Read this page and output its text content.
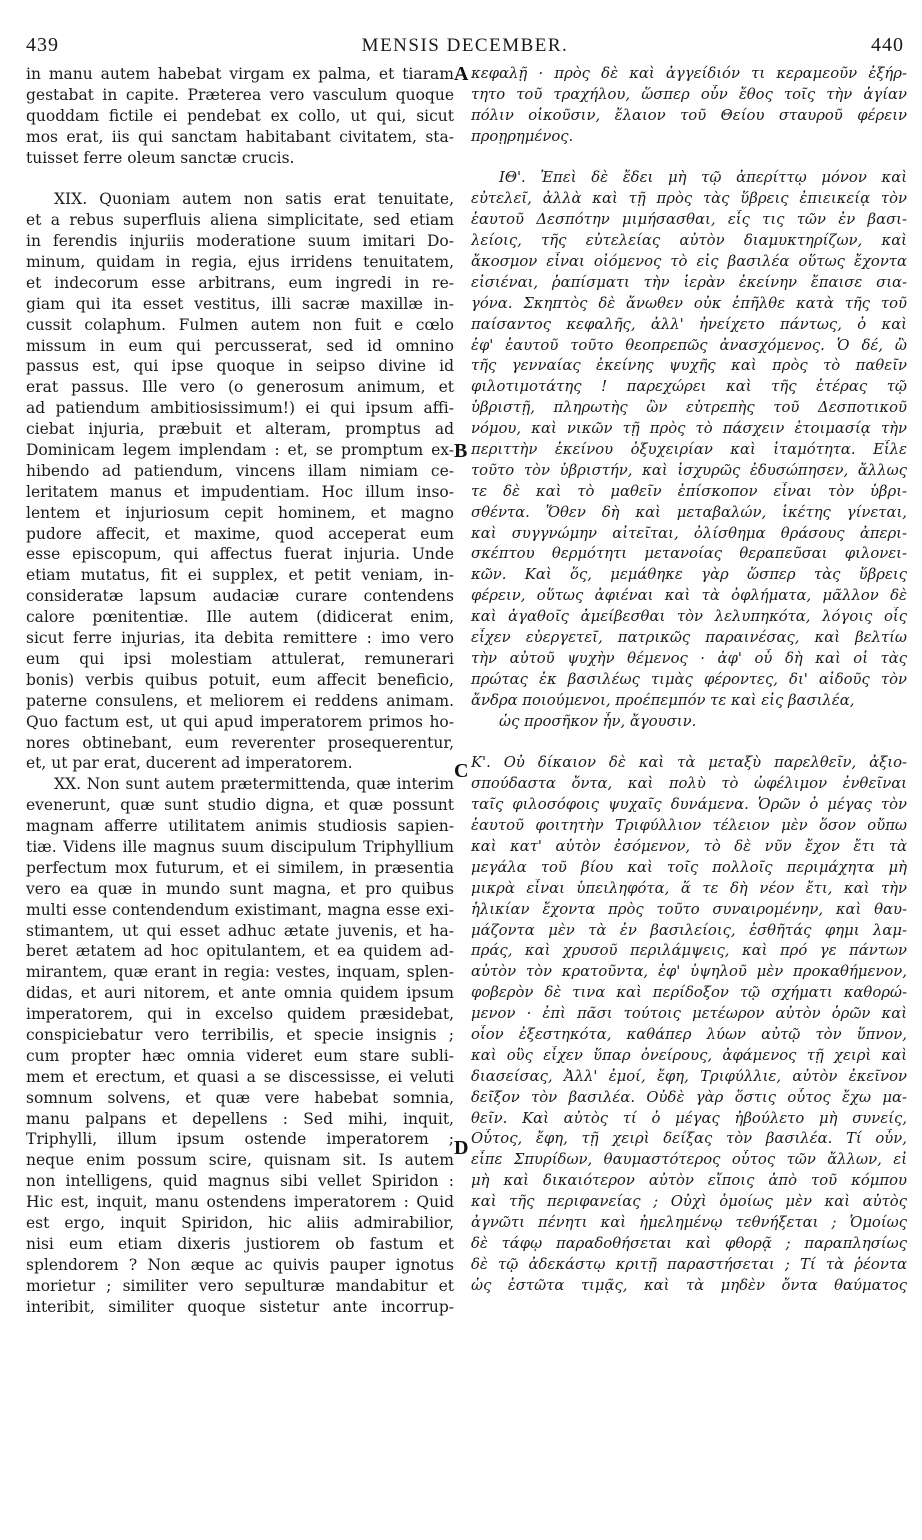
439	MENSIS DECEMBER.	440
in manu autem habebat virgam ex palma, et tiaram
gestabat in capite. Præterea vero vasculum quoque
quoddam fictile ei pendebat ex collo, ut qui, sicut
mos erat, iis qui sanctam habitabant civitatem, sta-
tuisset ferre oleum sanctæ crucis.
XIX. Quoniam autem non satis erat tenuitate,
et a rebus superfluis aliena simplicitate, sed etiam
in ferendis injuriis moderatione suum imitari Do-
minum, quidam in regia, ejus irridens tenuitatem,
et indecorum esse arbitrans, eum ingredi in re-
giam qui ita esset vestitus, illi sacræ maxillæ in-
cussit colaphum. Fulmen autem non fuit e cœlo
missum in eum qui percusserat, sed id omnino
passus est, qui ipse quoque in seipso divine id
erat passus. Ille vero (o generosum animum, et
ad patiendum ambitiosissimum!) ei qui ipsum affi-
ciebat injuria, præbuit et alteram, promptus ad
Dominicam legem implendam : et, se promptum ex-
hibendo ad patiendum, vincens illam nimiam ce-
leritatem manus et impudentiam. Hoc illum inso-
lentem et injuriosum cepit hominem, et magno
pudore affecit, et maxime, quod acceperat eum
esse episcopum, qui affectus fuerat injuria. Unde
etiam mutatus, fit ei supplex, et petit veniam, in-
consideratæ lapsum audaciæ curare contendens
calore pœnitentiæ. Ille autem (didicerat enim,
sicut ferre injurias, ita debita remittere : imo vero
eum qui ipsi molestiam attulerat, remunerari
bonis) verbis quibus potuit, eum affecit beneficio,
paterne consulens, et meliorem ei reddens animam.
Quo factum est, ut qui apud imperatorem primos ho-
nores obtinebant, eum reverenter prosequerentur,
et, ut par erat, ducerent ad imperatorem.
XX. Non sunt autem prætermittenda, quæ interim
evenerunt, quæ sunt studio digna, et quæ possunt
magnam afferre utilitatem animis studiosis sapien-
tiæ. Videns ille magnus suum discipulum Triphyllium
perfectum mox futurum, et ei similem, in præsentia
vero ea quæ in mundo sunt magna, et pro quibus
multi esse contendendum existimant, magna esse exi-
stimantem, ut qui esset adhuc ætate juvenis, et ha-
beret ætatem ad hoc opitulantem, et ea quidem ad-
mirantem, quæ erant in regia: vestes, inquam, splen-
didas, et auri nitorem, et ante omnia quidem ipsum
imperatorem, qui in excelso quidem præsidebat,
conspiciebatur vero terribilis, et specie insignis ;
cum propter hæc omnia videret eum stare subli-
mem et erectum, et quasi a se discessisse, ei veluti
somnum solvens, et quæ vere habebat somnia,
manu palpans et depellens : Sed mihi, inquit,
Triphylli, illum ipsum ostende imperatorem ;
neque enim possum scire, quisnam sit. Is autem
non intelligens, quid magnus sibi vellet Spiridon :
Hic est, inquit, manu ostendens imperatorem : Quid
est ergo, inquit Spiridon, hic aliis admirabilior,
nisi eum etiam dixeris justiorem ob fastum et
splendorem ? Non æque ac quivis pauper ignotus
morietur ; similiter vero sepulturæ mandabitur et
interibit, similiter quoque sistetur ante incorrup-
κεφαλῇ · πρὸς δὲ καὶ ἀγγείδιόν τι κεραμεοῦν ἐξήρ-
τητο τοῦ τραχήλου, ὥσπερ οὖν ἔθος τοῖς τὴν ἁγίαν
πόλιν οἰκοῦσιν, ἔλαιον τοῦ Θείου σταυροῦ φέρειν
προῃρημένος.
ΙΘ'. Ἐπεὶ δὲ ἔδει μὴ τῷ ἀπερίττῳ μόνον καὶ
εὐτελεῖ, ἀλλὰ καὶ τῇ πρὸς τὰς ὕβρεις ἐπιεικείᾳ τὸν
ἑαυτοῦ Δεσπότην μιμήσασθαι, εἷς τις τῶν ἐν βασι-
λείοις, τῆς εὐτελείας αὐτὸν διαμυκτηρίζων, καὶ
ἄκοσμον εἶναι οἰόμενος τὸ εἰς βασιλέα οὕτως ἔχοντα
εἰσιέναι, ῥαπίσματι τὴν ἱερὰν ἐκείνην ἔπαισε σια-
γόνα. Σκηπτὸς δὲ ἄνωθεν οὐκ ἐπῆλθε κατὰ τῆς τοῦ
παίσαντος κεφαλῆς, ἀλλ' ἠνείχετο πάντως, ὁ καὶ
ἐφ' ἑαυτοῦ τοῦτο θεοπρεπῶς ἀνασχόμενος. Ὁ δέ, ὢ
τῆς γενναίας ἐκείνης ψυχῆς καὶ πρὸς τὸ παθεῖν
φιλοτιμοτάτης ! παρεχώρει καὶ τῆς ἑτέρας τῷ
ὑβριστῇ, πληρωτὴς ὢν εὐτρεπὴς τοῦ Δεσποτικοῦ
νόμου, καὶ νικῶν τῇ πρὸς τὸ πάσχειν ἑτοιμασίᾳ τὴν
περιττὴν ἐκείνου ὀξυχειρίαν καὶ ἰταμότητα. Εἷλε
τοῦτο τὸν ὑβριστήν, καὶ ἰσχυρῶς ἐδυσώπησεν, ἄλλως
τε δὲ καὶ τὸ μαθεῖν ἐπίσκοπον εἶναι τὸν ὑβρι-
σθέντα. Ὅθεν δὴ καὶ μεταβαλών, ἱκέτης γίνεται,
καὶ συγγνώμην αἰτεῖται, ὀλίσθημα θράσους ἀπερι-
σκέπτου θερμότητι μετανοίας θεραπεῦσαι φιλονει-
κῶν. Καὶ ὅς, μεμάθηκε γὰρ ὥσπερ τὰς ὕβρεις
φέρειν, οὕτως ἀφιέναι καὶ τὰ ὀφλήματα, μᾶλλον δὲ
καὶ ἀγαθοῖς ἀμείβεσθαι τὸν λελυπηκότα, λόγοις οἷς
εἶχεν εὐεργετεῖ, πατρικῶς παραινέσας, καὶ βελτίω
τὴν αὐτοῦ ψυχὴν θέμενος · ἀφ' οὗ δὴ καὶ οἱ τὰς
πρώτας ἐκ βασιλέως τιμὰς φέροντες, δι' αἰδοῦς τὸν
ἄνδρα ποιούμενοι, προέπεμπόν τε καὶ εἰς βασιλέα,
ὡς προσῆκον ἦν, ἄγουσιν.
Κ'. Οὐ δίκαιον δὲ καὶ τὰ μεταξὺ παρελθεῖν, ἀξιο-
σπούδαστα ὄντα, καὶ πολὺ τὸ ὠφέλιμον ἐνθεῖναι
ταῖς φιλοσόφοις ψυχαῖς δυνάμενα. Ὁρῶν ὁ μέγας τὸν
ἑαυτοῦ φοιτητὴν Τριφύλλιον τέλειον μὲν ὅσον οὔπω
καὶ κατ' αὐτὸν ἐσόμενον, τὸ δὲ νῦν ἔχον ἔτι τὰ
μεγάλα τοῦ βίου καὶ τοῖς πολλοῖς περιμάχητα μὴ
μικρὰ εἶναι ὑπειληφότα, ἅ τε δὴ νέον ἔτι, καὶ τὴν
ἡλικίαν ἔχοντα πρὸς τοῦτο συναιρομένην, καὶ θαυ-
μάζοντα μὲν τὰ ἐν βασιλείοις, ἐσθῆτάς φημι λαμ-
πράς, καὶ χρυσοῦ περιλάμψεις, καὶ πρό γε πάντων
αὐτὸν τὸν κρατοῦντα, ἐφ' ὑψηλοῦ μὲν προκαθήμενον,
φοβερὸν δὲ τινα καὶ περίδοξον τῷ σχήματι καθορώ-
μενον · ἐπὶ πᾶσι τούτοις μετέωρον αὐτὸν ὁρῶν καὶ
οἷον ἐξεστηκότα, καθάπερ λύων αὐτῷ τὸν ὕπνον,
καὶ οὓς εἶχεν ὕπαρ ὀνείρους, ἀφάμενος τῇ χειρὶ καὶ
διασείσας, Ἀλλ' ἐμοί, ἔφη, Τριφύλλιε, αὐτὸν ἐκεῖνον
δεῖξον τὸν βασιλέα. Οὐδὲ γὰρ ὅστις οὗτος ἔχω μα-
θεῖν. Καὶ αὐτὸς τί ὁ μέγας ἠβούλετο μὴ συνείς,
Οὗτος, ἔφη, τῇ χειρὶ δείξας τὸν βασιλέα. Τί οὖν,
εἶπε Σπυρίδων, θαυμαστότερος οὗτος τῶν ἄλλων, εἰ
μὴ καὶ δικαιότερον αὐτὸν εἴποις ἀπὸ τοῦ κόμπου
καὶ τῆς περιφανείας ; Οὐχὶ ὁμοίως μὲν καὶ αὐτὸς
ἀγνῶτι πένητι καὶ ἠμελημένῳ τεθνήξεται ; Ὁμοίως
δὲ τάφῳ παραδοθήσεται καὶ φθορᾷ ; παραπλησίως
δὲ τῷ ἀδεκάστῳ κριτῇ παραστήσεται ; Τί τὰ ῥέοντα
ὡς ἑστῶτα τιμᾷς, καὶ τὰ μηδὲν ὄντα θαύματος
A
B
C
D
